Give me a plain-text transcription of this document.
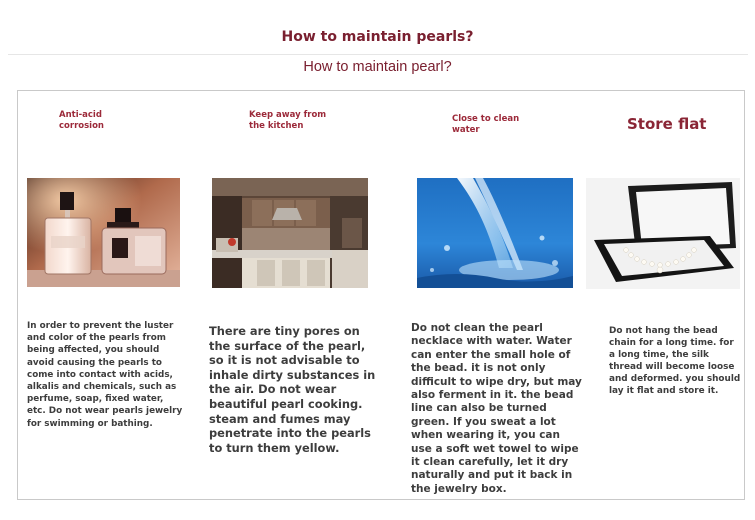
How to maintain pearls?
How to maintain pearl?
Anti-acid corrosion
In order to prevent the luster and color of the pearls from being affected, you should avoid causing the pearls to come into contact with acids, alkalis and chemicals, such as perfume, soap, fixed water, etc. Do not wear pearls jewelry for swimming or bathing.
Keep away from the kitchen
There are tiny pores on the surface of the pearl, so it is not advisable to inhale dirty substances in the air. Do not wear beautiful pearl cooking. steam and fumes may penetrate into the pearls to turn them yellow.
Close to clean water
Do not clean the pearl necklace with water. Water can enter the small hole of the bead. it is not only difficult to wipe dry, but may also ferment in it. the bead line can also be turned green. If you sweat a lot when wearing it, you can use a soft wet towel to wipe it clean carefully, let it dry naturally and put it back in the jewelry box.
Store flat
Do not hang the bead chain for a long time. for a long time, the silk thread will become loose and deformed. you should lay it flat and store it.
